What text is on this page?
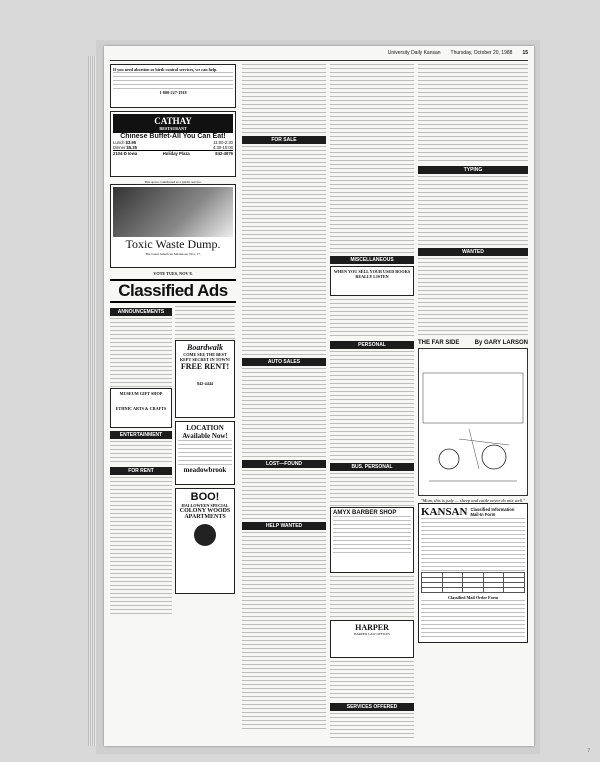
University Daily Kansan Thursday, October 20, 1988 15
If you need abortion or birth control services, we can help.
1-800-227-1918
CATHAY
RESTAURANT
Chinese Buffet-All You Can Eat!
Lunch $3.95	11:00-2:30
Dinner $5.25	4:30-10:00
2104-D Iowa	Holiday Plaza	842-4976
This space contributed as a public service.
Toxic Waste Dump.
The Great American Smokeout, Nov. 17.
VOTE TUES, NOV 8.
Classified Ads
ANNOUNCEMENTS
MUSEUM GIFT SHOP
ETHNIC ARTS & CRAFTS
ENTERTAINMENT
FOR RENT
Boardwalk
COME SEE THE BEST KEPT SECRET IN TOWN!
FREE RENT!
842-4444
LOCATION Available Now!
meadowbrook
BOO!
HALLOWEEN SPECIAL
COLONY WOODS APARTMENTS
FOR SALE
AUTO SALES
LOST—FOUND
HELP WANTED
MISCELLANEOUS
WHEN YOU SELL YOUR USED BOOKS REALLY LISTEN
PERSONAL
BUS. PERSONAL
AMYX BARBER SHOP
HARPER
HARPER LAW OFFICES
SERVICES OFFERED
TYPING
WANTED
THE FAR SIDE	By GARY LARSON
"Mom, this is judy — sheep and cattle never do mix well."
KANSAN Classified Information Mail-In Form

Classified Mail Order Form
7
